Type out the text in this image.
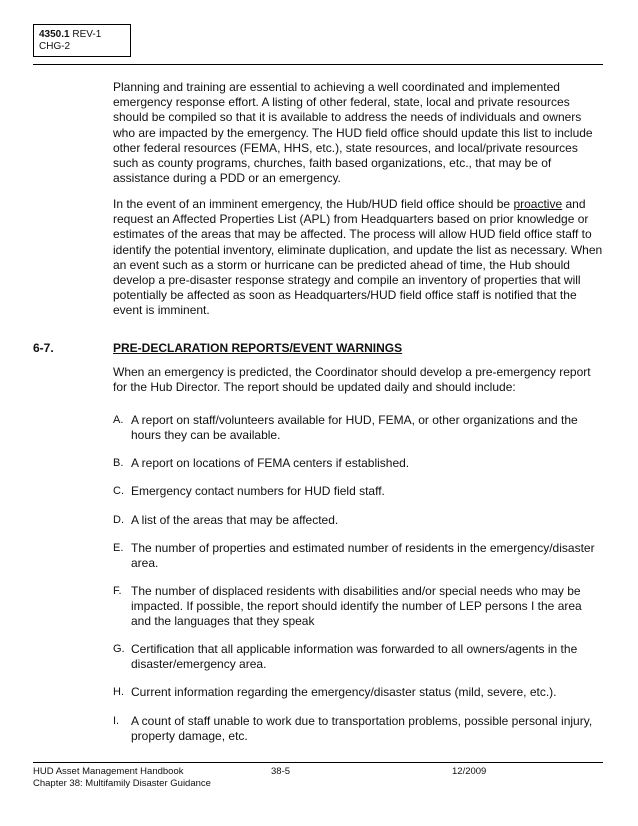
4350.1 REV-1
CHG-2

Planning and training are essential to achieving a well coordinated and implemented emergency response effort. A listing of other federal, state, local and private resources should be compiled so that it is available to address the needs of individuals and owners who are impacted by the emergency. The HUD field office should update this list to include other federal resources (FEMA, HHS, etc.), state resources, and local/private resources such as county programs, churches, faith based organizations, etc., that may be of assistance during a PDD or an emergency.

In the event of an imminent emergency, the Hub/HUD field office should be proactive and request an Affected Properties List (APL) from Headquarters based on prior knowledge or estimates of the areas that may be affected. The process will allow HUD field office staff to identify the potential inventory, eliminate duplication, and update the list as necessary. When an event such as a storm or hurricane can be predicted ahead of time, the Hub should develop a pre-disaster response strategy and compile an inventory of properties that will potentially be affected as soon as Headquarters/HUD field office staff is notified that the event is imminent.

6-7.	PRE-DECLARATION REPORTS/EVENT WARNINGS

When an emergency is predicted, the Coordinator should develop a pre-emergency report for the Hub Director. The report should be updated daily and should include:

A. A report on staff/volunteers available for HUD, FEMA, or other organizations and the hours they can be available.
B. A report on locations of FEMA centers if established.
C. Emergency contact numbers for HUD field staff.
D. A list of the areas that may be affected.
E. The number of properties and estimated number of residents in the emergency/disaster area.
F. The number of displaced residents with disabilities and/or special needs who may be impacted. If possible, the report should identify the number of LEP persons I the area and the languages that they speak
G. Certification that all applicable information was forwarded to all owners/agents in the disaster/emergency area.
H. Current information regarding the emergency/disaster status (mild, severe, etc.).
I. A count of staff unable to work due to transportation problems, possible personal injury, property damage, etc.
HUD Asset Management Handbook
Chapter 38: Multifamily Disaster Guidance
38-5	12/2009
